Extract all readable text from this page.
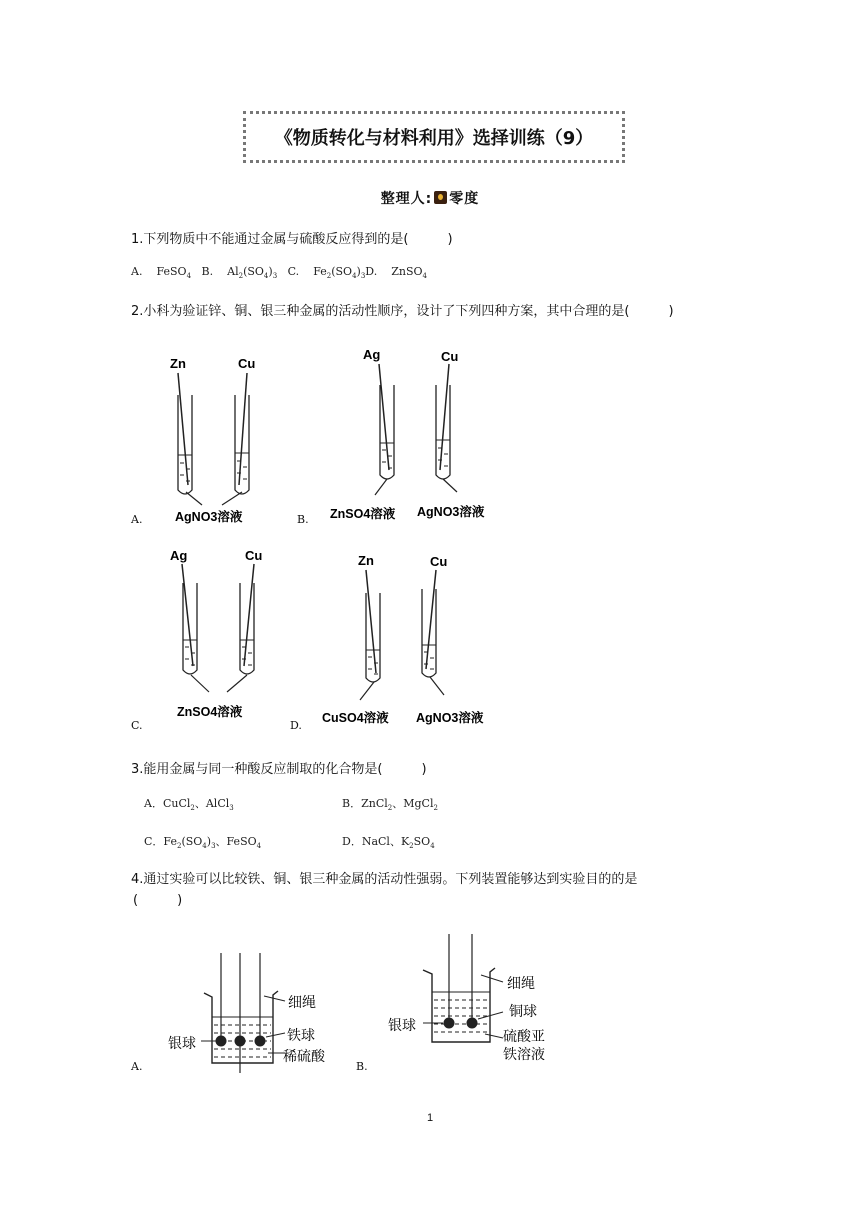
《物质转化与材料利用》选择训练（9）
整理人: 零度
1.下列物质中不能通过金属与硫酸反应得到的是(　　　)
A. FeSO$_4$ B. $Al_2(SO_4)_3$ C. $Fe_2(SO_4)_3D$. ZnSO$_4$
2.小科为验证锌、铜、银三种金属的活动性顺序，设计了下列四种方案，其中合理的是(　　　)
Zn	Cu
AgNO3溶液
A.
Ag	Cu
ZnSO4溶液 AgNO3溶液
B.
Ag	Cu
ZnSO4溶液
C.
Zn	Cu
CuSO4溶液 AgNO3溶液
D.
3.能用金属与同一种酸反应制取的化合物是(　　　)
A．CuCl$_2$、AlCl$_3$	B．ZnCl$_2$、MgCl$_2$
C．$Fe_2(SO_4)_3$、FeSO$_4$	D．NaCl、$K_2SO_4$
4.通过实验可以比较铁、铜、银三种金属的活动性强弱。下列装置能够达到实验目的的是
(　　　)
细绳
银球	铁球
稀硫酸
A.
细绳
银球
铜球
硫酸亚
铁溶液
B.
1
